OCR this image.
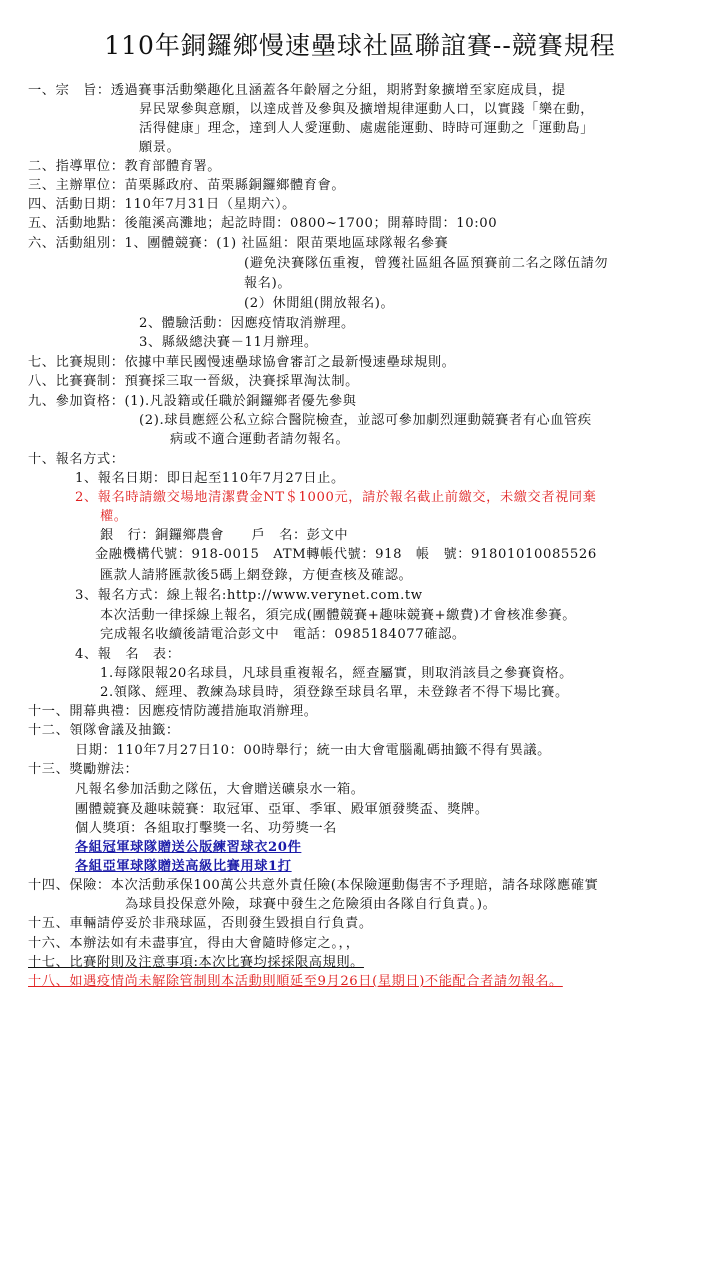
110年銅鑼鄉慢速壘球社區聯誼賽--競賽規程
一、宗　旨：透過賽事活動樂趣化且涵蓋各年齡層之分組，期將對象擴增至家庭成員，提
昇民眾參與意願，以達成普及參與及擴增規律運動人口，以實踐「樂在動，
活得健康」理念，達到人人愛運動、處處能運動、時時可運動之「運動島」
願景。
二、指導單位：教育部體育署。
三、主辦單位：苗栗縣政府、苗栗縣銅鑼鄉體育會。
四、活動日期：110年7月31日（星期六）。
五、活動地點：後龍溪高灘地；起訖時間：0800~1700；開幕時間：10:00
六、活動組別：1、團體競賽：(1) 社區組：限苗栗地區球隊報名參賽
(避免決賽隊伍重複，曾獲社區組各區預賽前二名之隊伍請勿
報名)。
(2）休閒組(開放報名)。
2、體驗活動：因應疫情取消辦理。
3、縣級總決賽－11月辦理。
七、比賽規則：依據中華民國慢速壘球協會審訂之最新慢速壘球規則。
八、比賽賽制：預賽採三取一晉級，決賽採單淘汰制。
九、參加資格：(1).凡設籍或任職於銅鑼鄉者優先參與
(2).球員應經公私立綜合醫院檢查，並認可參加劇烈運動競賽者有心血管疾
病或不適合運動者請勿報名。
十、報名方式：
1、報名日期：即日起至110年7月27日止。
2、報名時請繳交場地清潔費金NT＄1000元，請於報名截止前繳交，未繳交者視同棄
權。
銀　行：銅鑼鄉農會　　戶　名：彭文中
金融機構代號：918-0015　ATM轉帳代號：918　帳　號：91801010085526
匯款人請將匯款後5碼上網登錄，方便查核及確認。
3、報名方式：線上報名:http://www.verynet.com.tw
本次活動一律採線上報名，須完成(團體競賽+趣味競賽+繳費)才會核准參賽。
完成報名收續後請電洽彭文中　電話：0985184077確認。
4、報　名　表：
1.每隊限報20名球員，凡球員重複報名，經查屬實，則取消該員之參賽資格。
2.領隊、經理、教練為球員時，須登錄至球員名單，未登錄者不得下場比賽。
十一、開幕典禮：因應疫情防護措施取消辦理。
十二、領隊會議及抽籤：
日期：110年7月27日10：00時舉行；統一由大會電腦亂碼抽籤不得有異議。
十三、獎勵辦法：
凡報名參加活動之隊伍，大會贈送礦泉水一箱。
團體競賽及趣味競賽：取冠軍、亞軍、季軍、殿軍頒發獎盃、獎牌。
個人獎項：各組取打擊獎一名、功勞獎一名
各組冠軍球隊贈送公版練習球衣20件
各組亞軍球隊贈送高級比賽用球1打
十四、保險：本次活動承保100萬公共意外責任險(本保險運動傷害不予理賠，請各球隊應確實
為球員投保意外險，球賽中發生之危險須由各隊自行負責。)。
十五、車輛請停妥於非飛球區，否則發生毀損自行負責。
十六、本辦法如有未盡事宜，得由大會隨時修定之。，，
十七、比賽附則及注意事項:本次比賽均採採限高規則。
十八、如遇疫情尚未解除管制則本活動則順延至9月26日(星期日)不能配合者請勿報名。
